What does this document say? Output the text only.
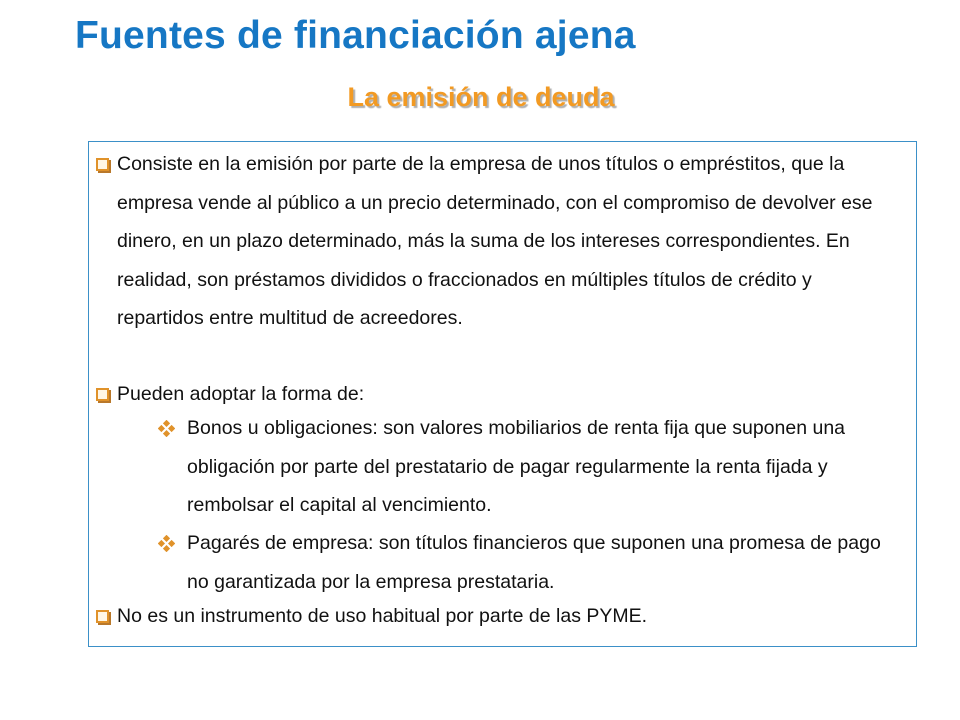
Fuentes de financiación ajena
La emisión de deuda
Consiste en la emisión por parte de la empresa de unos títulos o empréstitos, que la empresa vende al público a un precio determinado, con el compromiso de devolver ese dinero, en un plazo determinado, más la suma de los intereses correspondientes. En realidad, son préstamos divididos o fraccionados en múltiples títulos de crédito y repartidos entre multitud de acreedores.
Pueden adoptar la forma de:
Bonos u obligaciones: son valores mobiliarios de renta fija que suponen una obligación por parte del prestatario de pagar regularmente la renta fijada y rembolsar el capital al vencimiento.
Pagarés de empresa: son títulos financieros que suponen una promesa de pago no garantizada por la empresa prestataria.
No es un instrumento de uso habitual por parte de las PYME.
